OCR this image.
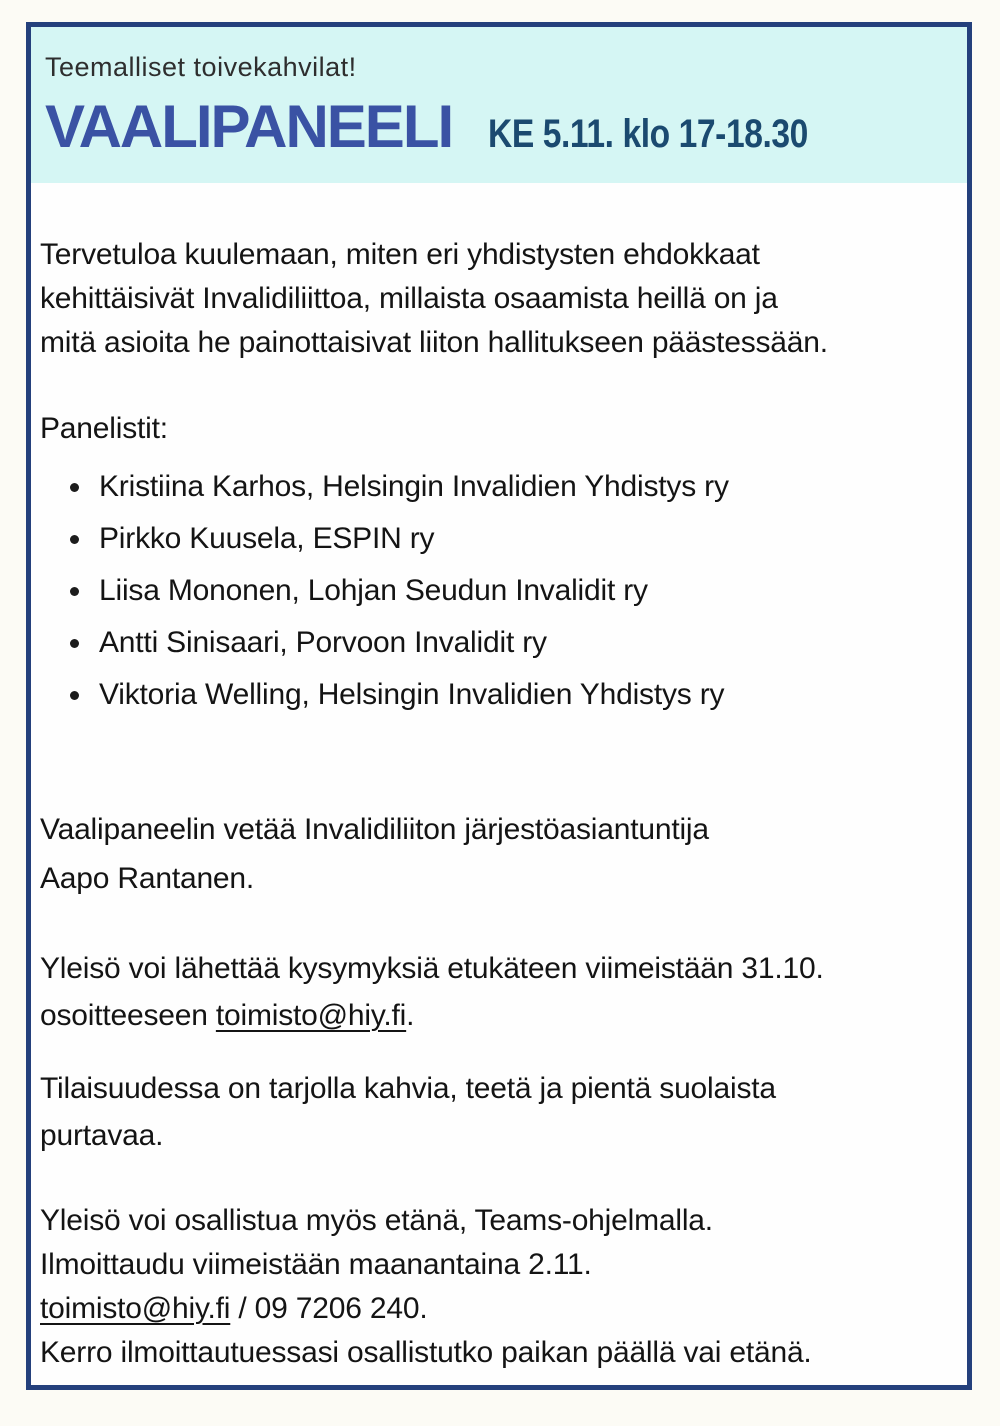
Teemalliset toivekahvilat!
VAALIPANEELI KE 5.11. klo 17-18.30

Tervetuloa kuulemaan, miten eri yhdistysten ehdokkaat
kehittäisivät Invalidiliittoa, millaista osaamista heillä on ja
mitä asioita he painottaisivat liiton hallitukseen päästessään.

Panelistit:

Kristiina Karhos, Helsingin Invalidien Yhdistys ry
Pirkko Kuusela, ESPIN ry
Liisa Mononen, Lohjan Seudun Invalidit ry
Antti Sinisaari, Porvoon Invalidit ry
Viktoria Welling, Helsingin Invalidien Yhdistys ry

Vaalipaneelin vetää Invalidiliiton järjestöasiantuntija
Aapo Rantanen.

Yleisö voi lähettää kysymyksiä etukäteen viimeistään 31.10.
osoitteeseen toimisto@hiy.fi.

Tilaisuudessa on tarjolla kahvia, teetä ja pientä suolaista
purtavaa.

Yleisö voi osallistua myös etänä, Teams-ohjelmalla.
Ilmoittaudu viimeistään maanantaina 2.11.
toimisto@hiy.fi / 09 7206 240.
Kerro ilmoittautuessasi osallistutko paikan päällä vai etänä.
